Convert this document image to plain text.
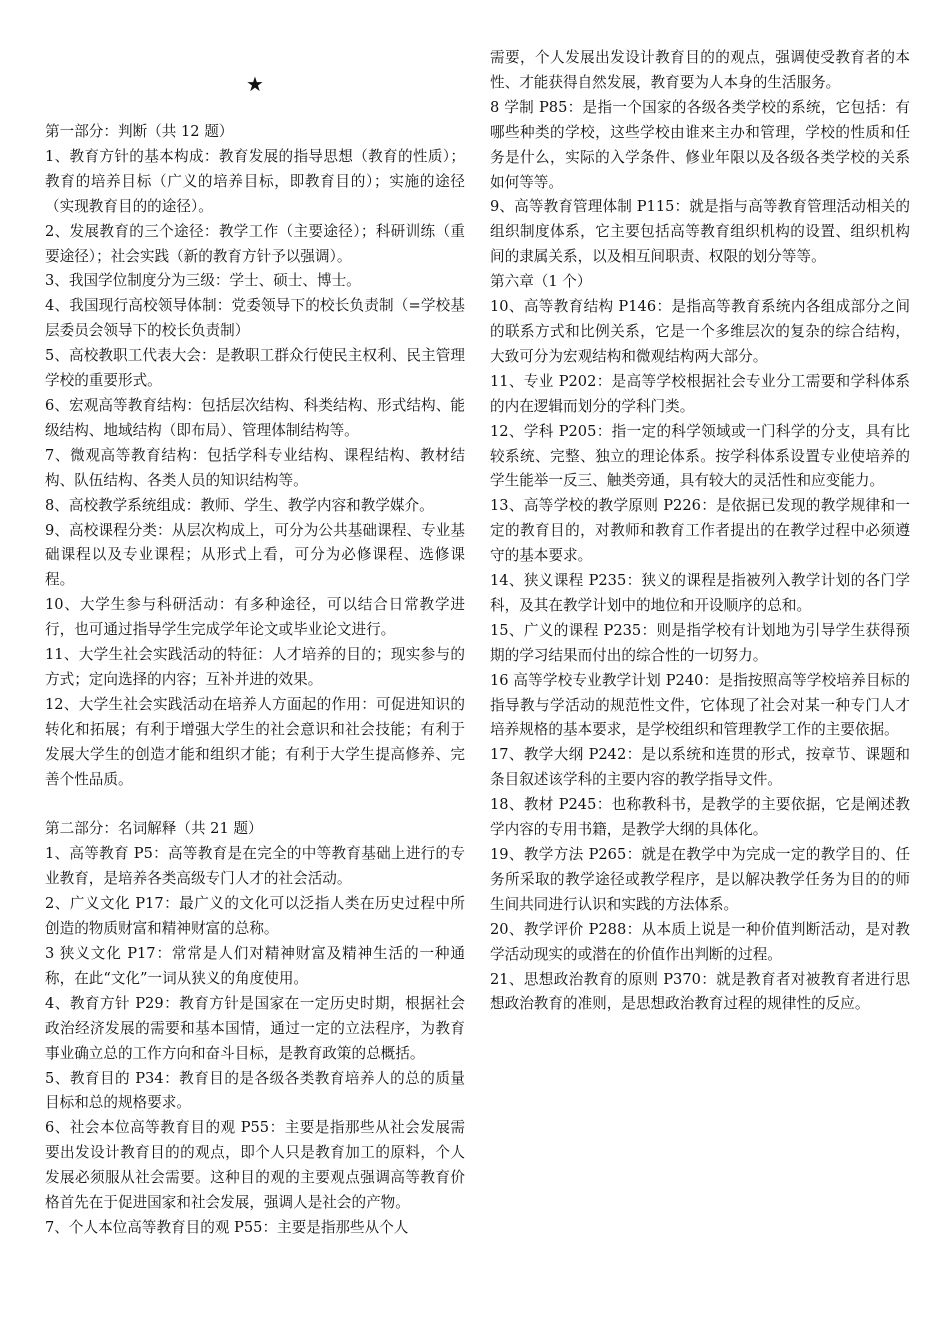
★

第一部分：判断（共 12 题）

1、教育方针的基本构成：教育发展的指导思想（教育的性质）；教育的培养目标（广义的培养目标，即教育目的）；实施的途径（实现教育目的的途径）。

2、发展教育的三个途径：教学工作（主要途径）；科研训练（重要途径）；社会实践（新的教育方针予以强调）。

3、我国学位制度分为三级：学士、硕士、博士。

4、我国现行高校领导体制：党委领导下的校长负责制（=学校基层委员会领导下的校长负责制）

5、高校教职工代表大会：是教职工群众行使民主权利、民主管理学校的重要形式。

6、宏观高等教育结构：包括层次结构、科类结构、形式结构、能级结构、地域结构（即布局）、管理体制结构等。

7、微观高等教育结构：包括学科专业结构、课程结构、教材结构、队伍结构、各类人员的知识结构等。

8、高校教学系统组成：教师、学生、教学内容和教学媒介。

9、高校课程分类：从层次构成上，可分为公共基础课程、专业基础课程以及专业课程；从形式上看，可分为必修课程、选修课程。

10、大学生参与科研活动：有多种途径，可以结合日常教学进行，也可通过指导学生完成学年论文或毕业论文进行。

11、大学生社会实践活动的特征：人才培养的目的；现实参与的方式；定向选择的内容；互补并进的效果。

12、大学生社会实践活动在培养人方面起的作用：可促进知识的转化和拓展；有利于增强大学生的社会意识和社会技能；有利于发展大学生的创造才能和组织才能；有利于大学生提高修养、完善个性品质。

第二部分：名词解释（共 21 题）

1、高等教育 P5：高等教育是在完全的中等教育基础上进行的专业教育，是培养各类高级专门人才的社会活动。

2、广义文化 P17：最广义的文化可以泛指人类在历史过程中所创造的物质财富和精神财富的总称。

3 狭义文化 P17：常常是人们对精神财富及精神生活的一种通称，在此“文化”一词从狭义的角度使用。

4、教育方针 P29：教育方针是国家在一定历史时期，根据社会政治经济发展的需要和基本国情，通过一定的立法程序，为教育事业确立总的工作方向和奋斗目标，是教育政策的总概括。

5、教育目的 P34：教育目的是各级各类教育培养人的总的质量目标和总的规格要求。

6、社会本位高等教育目的观 P55：主要是指那些从社会发展需要出发设计教育目的的观点，即个人只是教育加工的原料，个人发展必须服从社会需要。这种目的观的主要观点强调高等教育价格首先在于促进国家和社会发展，强调人是社会的产物。

7、个人本位高等教育目的观 P55：主要是指那些从个人

需要，个人发展出发设计教育目的的观点，强调使受教育者的本性、才能获得自然发展，教育要为人本身的生活服务。

8 学制 P85：是指一个国家的各级各类学校的系统，它包括：有哪些种类的学校，这些学校由谁来主办和管理，学校的性质和任务是什么，实际的入学条件、修业年限以及各级各类学校的关系如何等等。

9、高等教育管理体制 P115：就是指与高等教育管理活动相关的组织制度体系，它主要包括高等教育组织机构的设置、组织机构间的隶属关系，以及相互间职责、权限的划分等等。

第六章（1 个）

10、高等教育结构 P146：是指高等教育系统内各组成部分之间的联系方式和比例关系，它是一个多维层次的复杂的综合结构，大致可分为宏观结构和微观结构两大部分。

11、专业 P202：是高等学校根据社会专业分工需要和学科体系的内在逻辑而划分的学科门类。

12、学科 P205：指一定的科学领域或一门科学的分支，具有比较系统、完整、独立的理论体系。按学科体系设置专业使培养的学生能举一反三、触类旁通，具有较大的灵活性和应变能力。

13、高等学校的教学原则 P226：是依据已发现的教学规律和一定的教育目的，对教师和教育工作者提出的在教学过程中必须遵守的基本要求。

14、狭义课程 P235：狭义的课程是指被列入教学计划的各门学科，及其在教学计划中的地位和开设顺序的总和。

15、广义的课程 P235：则是指学校有计划地为引导学生获得预期的学习结果而付出的综合性的一切努力。

16 高等学校专业教学计划 P240：是指按照高等学校培养目标的指导教与学活动的规范性文件，它体现了社会对某一种专门人才培养规格的基本要求，是学校组织和管理教学工作的主要依据。

17、教学大纲 P242：是以系统和连贯的形式，按章节、课题和条目叙述该学科的主要内容的教学指导文件。

18、教材 P245：也称教科书，是教学的主要依据，它是阐述教学内容的专用书籍，是教学大纲的具体化。

19、教学方法 P265：就是在教学中为完成一定的教学目的、任务所采取的教学途径或教学程序，是以解决教学任务为目的的师生间共同进行认识和实践的方法体系。

20、教学评价 P288：从本质上说是一种价值判断活动，是对教学活动现实的或潜在的价值作出判断的过程。

21、思想政治教育的原则 P370：就是教育者对被教育者进行思想政治教育的准则，是思想政治教育过程的规律性的反应。
